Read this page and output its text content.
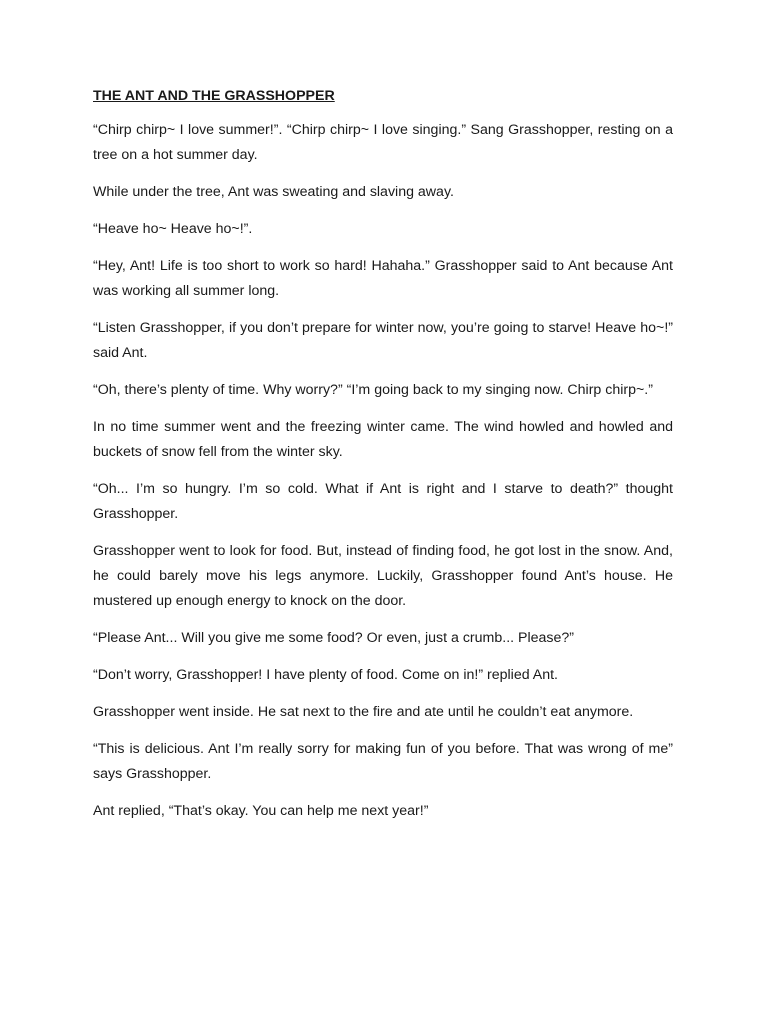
THE ANT AND THE GRASSHOPPER

“Chirp chirp~ I love summer!”. “Chirp chirp~ I love singing.” Sang Grasshopper, resting on a tree on a hot summer day.

While under the tree, Ant was sweating and slaving away.

“Heave ho~ Heave ho~!”.

“Hey, Ant! Life is too short to work so hard! Hahaha.” Grasshopper said to Ant because Ant was working all summer long.

“Listen Grasshopper, if you don’t prepare for winter now, you’re going to starve! Heave ho~!” said Ant.

“Oh, there’s plenty of time. Why worry?” “I’m going back to my singing now. Chirp chirp~.”

In no time summer went and the freezing winter came. The wind howled and howled and buckets of snow fell from the winter sky.

“Oh... I’m so hungry. I’m so cold. What if Ant is right and I starve to death?” thought Grasshopper.

Grasshopper went to look for food. But, instead of finding food, he got lost in the snow. And, he could barely move his legs anymore. Luckily, Grasshopper found Ant’s house. He mustered up enough energy to knock on the door.

“Please Ant... Will you give me some food? Or even, just a crumb... Please?”

“Don’t worry, Grasshopper! I have plenty of food. Come on in!” replied Ant.

Grasshopper went inside. He sat next to the fire and ate until he couldn’t eat anymore.

“This is delicious. Ant I’m really sorry for making fun of you before. That was wrong of me” says Grasshopper.

Ant replied, “That’s okay. You can help me next year!”
